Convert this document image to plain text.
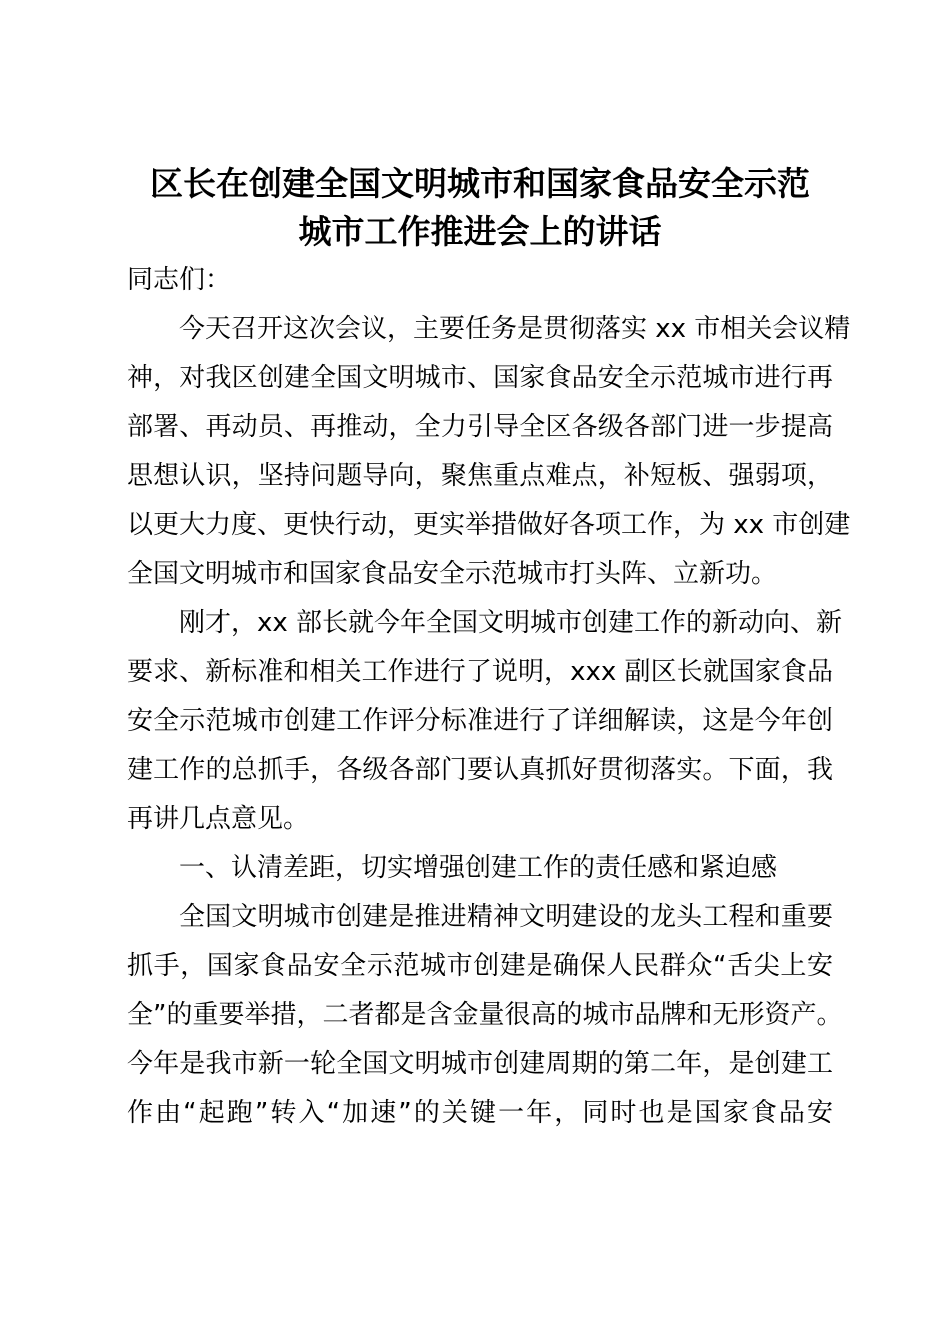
区长在创建全国文明城市和国家食品安全示范
城市工作推进会上的讲话

同志们：

今天召开这次会议，主要任务是贯彻落实 xx 市相关会议精
神，对我区创建全国文明城市、国家食品安全示范城市进行再
部署、再动员、再推动，全力引导全区各级各部门进一步提高
思想认识，坚持问题导向，聚焦重点难点，补短板、强弱项，
以更大力度、更快行动，更实举措做好各项工作，为 xx 市创建
全国文明城市和国家食品安全示范城市打头阵、立新功。

刚才，xx 部长就今年全国文明城市创建工作的新动向、新
要求、新标准和相关工作进行了说明，xxx 副区长就国家食品
安全示范城市创建工作评分标准进行了详细解读，这是今年创
建工作的总抓手，各级各部门要认真抓好贯彻落实。下面，我
再讲几点意见。

一、认清差距，切实增强创建工作的责任感和紧迫感

全国文明城市创建是推进精神文明建设的龙头工程和重要
抓手，国家食品安全示范城市创建是确保人民群众“舌尖上安
全”的重要举措，二者都是含金量很高的城市品牌和无形资产。
今年是我市新一轮全国文明城市创建周期的第二年，是创建工
作由“起跑”转入“加速”的关键一年，同时也是国家食品安
